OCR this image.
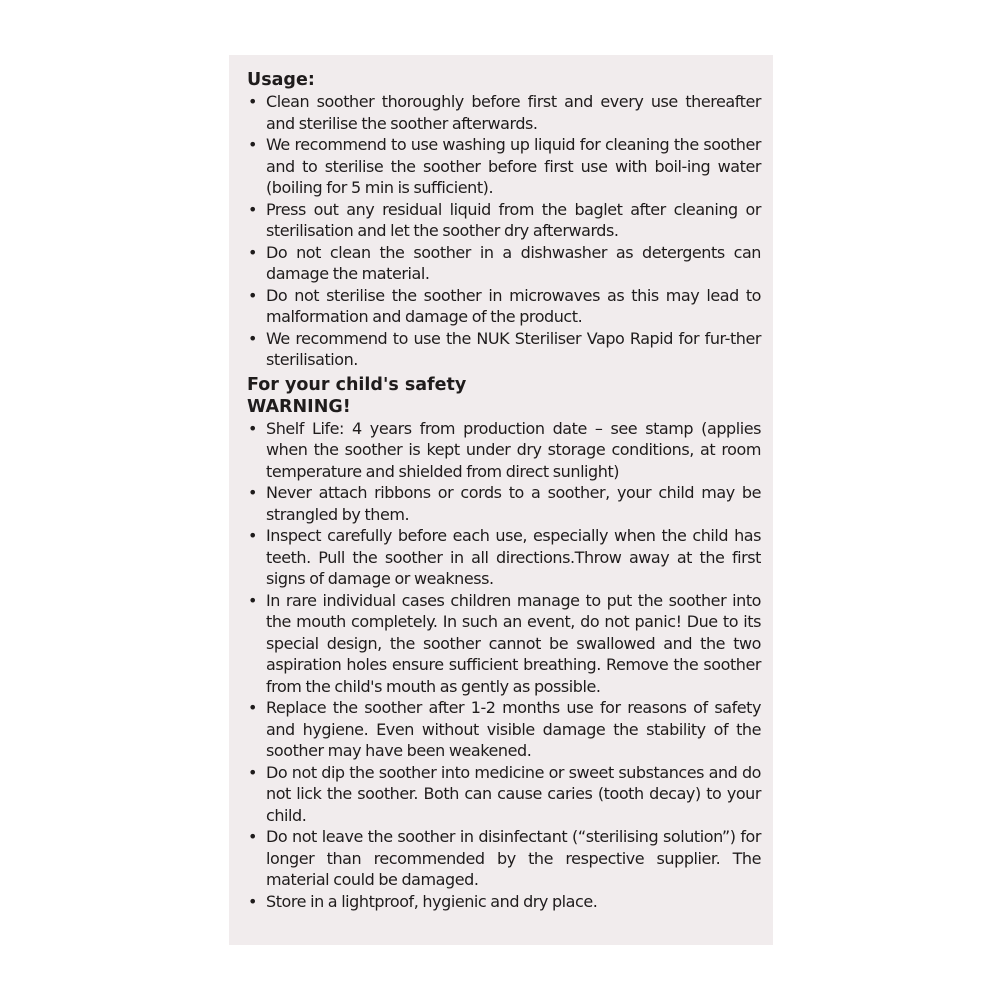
Usage:
• Clean soother thoroughly before first and every use thereafter and sterilise the soother afterwards.
• We recommend to use washing up liquid for cleaning the soother and to sterilise the soother before first use with boil-ing water (boiling for 5 min is sufficient).
• Press out any residual liquid from the baglet after cleaning or sterilisation and let the soother dry afterwards.
• Do not clean the soother in a dishwasher as detergents can damage the material.
• Do not sterilise the soother in microwaves as this may lead to malformation and damage of the product.
• We recommend to use the NUK Steriliser Vapo Rapid for fur-ther sterilisation.
For your child's safety
WARNING!
• Shelf Life: 4 years from production date – see stamp (applies when the soother is kept under dry storage conditions, at room temperature and shielded from direct sunlight)
• Never attach ribbons or cords to a soother, your child may be strangled by them.
• Inspect carefully before each use, especially when the child has teeth. Pull the soother in all directions.Throw away at the first signs of damage or weakness.
• In rare individual cases children manage to put the soother into the mouth completely. In such an event, do not panic! Due to its special design, the soother cannot be swallowed and the two aspiration holes ensure sufficient breathing. Remove the soother from the child's mouth as gently as possible.
• Replace the soother after 1-2 months use for reasons of safety and hygiene. Even without visible damage the stability of the soother may have been weakened.
• Do not dip the soother into medicine or sweet substances and do not lick the soother. Both can cause caries (tooth decay) to your child.
• Do not leave the soother in disinfectant (“sterilising solution”) for longer than recommended by the respective supplier. The material could be damaged.
• Store in a lightproof, hygienic and dry place.
